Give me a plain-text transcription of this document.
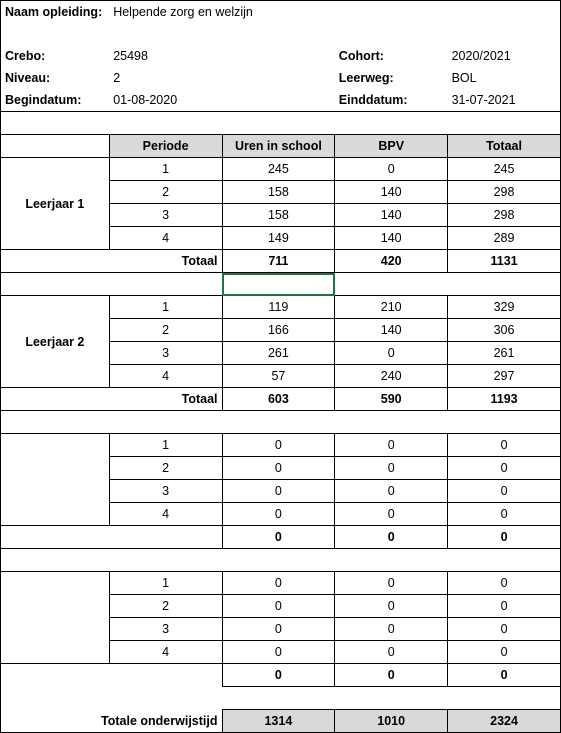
Naam opleiding:	Helpende zorg en welzijn			

Crebo:	25498		Cohort:	2020/2021
Niveau:	2		Leerweg:	BOL
Begindatum:	01-08-2020		Einddatum:	31-07-2021

	Periode	Uren in school	BPV	Totaal
Leerjaar 1	1	245	0	245
	2	158	140	298
	3	158	140	298
	4	149	140	289
Totaal		711	420	1131

Leerjaar 2	1	119	210	329
	2	166	140	306
	3	261	0	261
	4	57	240	297
Totaal		603	590	1193

	1	0	0	0
	2	0	0	0
	3	0	0	0
	4	0	0	0
		0	0	0

	1	0	0	0
	2	0	0	0
	3	0	0	0
	4	0	0	0
		0	0	0

Totale onderwijstijd		1314	1010	2324
